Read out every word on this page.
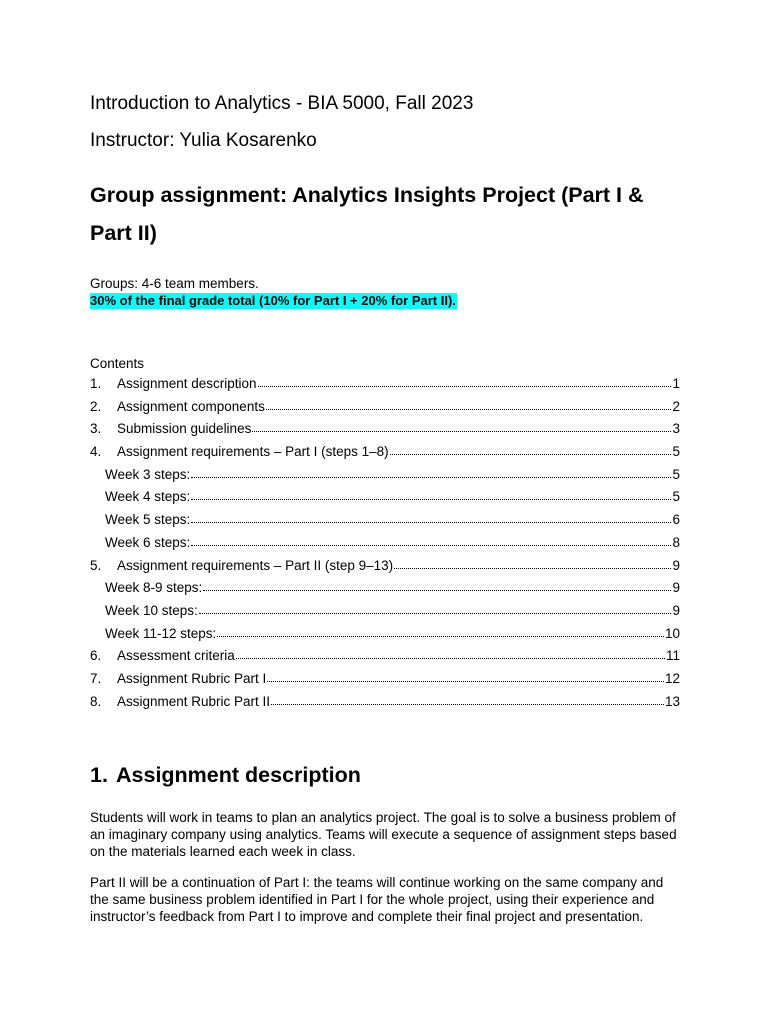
Introduction to Analytics - BIA 5000, Fall 2023
Instructor: Yulia Kosarenko
Group assignment: Analytics Insights Project (Part I & Part II)
Groups: 4-6 team members.
30% of the final grade total (10% for Part I + 20% for Part II).
Contents
1.	Assignment description	1
2.	Assignment components	2
3.	Submission guidelines	3
4.	Assignment requirements – Part I (steps 1–8)	5
Week 3 steps:	5
Week 4 steps:	5
Week 5 steps:	6
Week 6 steps:	8
5.	Assignment requirements – Part II (step 9–13)	9
Week 8-9 steps:	9
Week 10 steps:	9
Week 11-12 steps:	10
6.	Assessment criteria	11
7.	Assignment Rubric Part I	12
8.	Assignment Rubric Part II	13
1. Assignment description
Students will work in teams to plan an analytics project. The goal is to solve a business problem of an imaginary company using analytics. Teams will execute a sequence of assignment steps based on the materials learned each week in class.
Part II will be a continuation of Part I: the teams will continue working on the same company and the same business problem identified in Part I for the whole project, using their experience and instructor’s feedback from Part I to improve and complete their final project and presentation.
